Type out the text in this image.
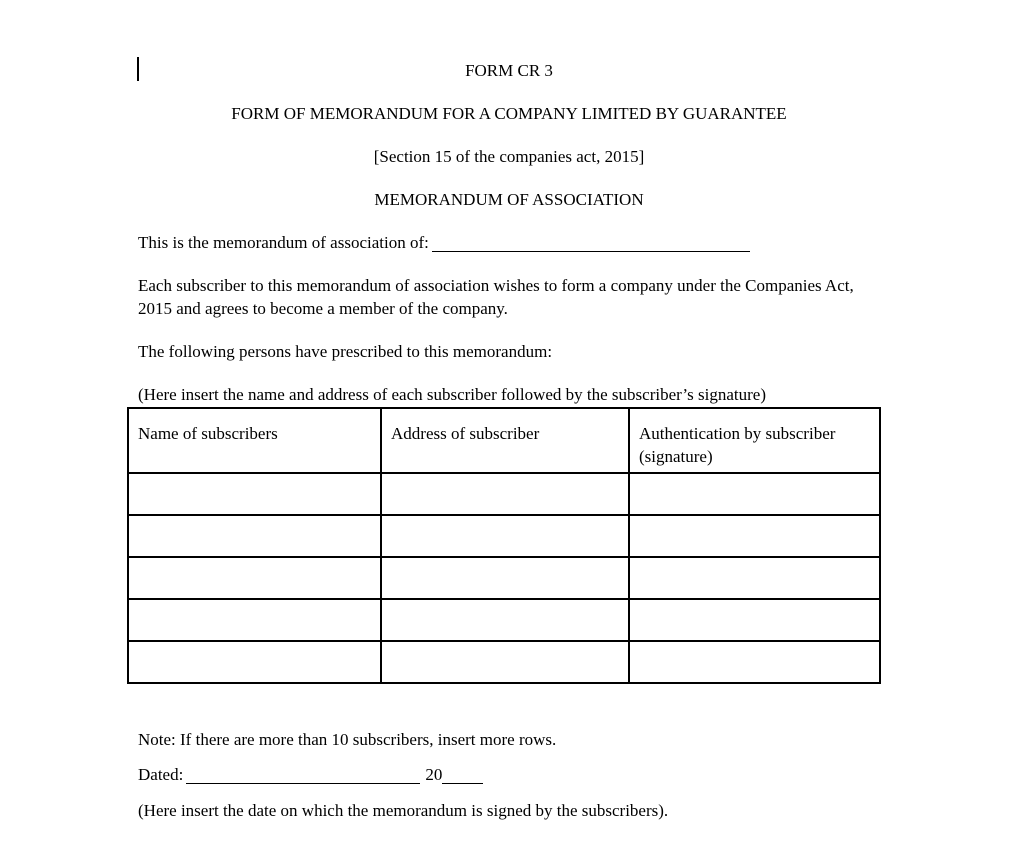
FORM CR 3

FORM OF MEMORANDUM FOR A COMPANY LIMITED BY GUARANTEE

[Section 15 of the companies act, 2015]

MEMORANDUM OF ASSOCIATION

This is the memorandum of association of:

Each subscriber to this memorandum of association wishes to form a company under the Companies Act, 2015 and agrees to become a member of the company.

The following persons have prescribed to this memorandum:

(Here insert the name and address of each subscriber followed by the subscriber’s signature)

Name of subscribers	Address of subscriber	Authentication by subscriber (signature)

Note: If there are more than 10 subscribers, insert more rows.

Dated:	20

(Here insert the date on which the memorandum is signed by the subscribers).
